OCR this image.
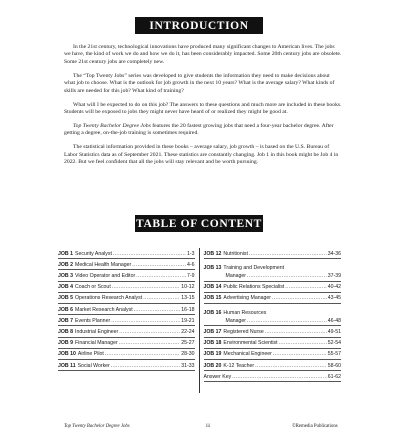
INTRODUCTION

In the 21st century, technological innovations have produced many significant changes to American lives. The jobs we have, the kind of work we do and how we do it, has been considerably impacted. Some 20th century jobs are obsolete. Some 21st century jobs are completely new.

The “Top Twenty Jobs” series was developed to give students the information they need to make decisions about what job to choose. What is the outlook for job growth in the next 10 years? What is the average salary? What kinds of skills are needed for this job? What kind of training?

What will I be expected to do on this job? The answers to these questions and much more are included in these books. Students will be exposed to jobs they might never have heard of or realized they might be good at.

Top Twenty Bachelor Degree Jobs features the 20 fastest growing jobs that need a four-year bachelor degree. After getting a degree, on-the-job training is sometimes required.

The statistical information provided in these books – average salary, job growth – is based on the U.S. Bureau of Labor Statistics data as of September 2021. These statistics are constantly changing. Job 1 in this book might be Job 4 in 2022. But we feel confident that all the jobs will stay relevant and be worth pursuing.

TABLE OF CONTENT
JOB 1 Security Analyst .....	1-3
JOB 2 Medical Health Manager .....	4-6
JOB 3 Video Operator and Editor .....	7-9
JOB 4 Coach or Scout .....	10-12
JOB 5 Operations Research Analyst .....	13-15
JOB 6 Market Research Analyst .....	16-18
JOB 7 Events Planner .....	19-21
JOB 8 Industrial Engineer .....	22-24
JOB 9 Financial Manager .....	25-27
JOB 10 Airline Pilot .....	28-30
JOB 11 Social Worker .....	31-33
JOB 12 Nutritionist .....	34-36
JOB 13 Training and Development
Manager .....	37-39
JOB 14 Public Relations Specialist .....	40-42
JOB 15 Advertising Manager .....	43-45
JOB 16 Human Resources
Manager .....	46-48
JOB 17 Registered Nurse .....	49-51
JOB 18 Environmental Scientist .....	52-54
JOB 19 Mechanical Engineer .....	55-57
JOB 20 K-12 Teacher .....	58-60
Answer Key .....	61-62
Top Twenty Bachelor Degree Jobs	iii	©Remedia Publications
